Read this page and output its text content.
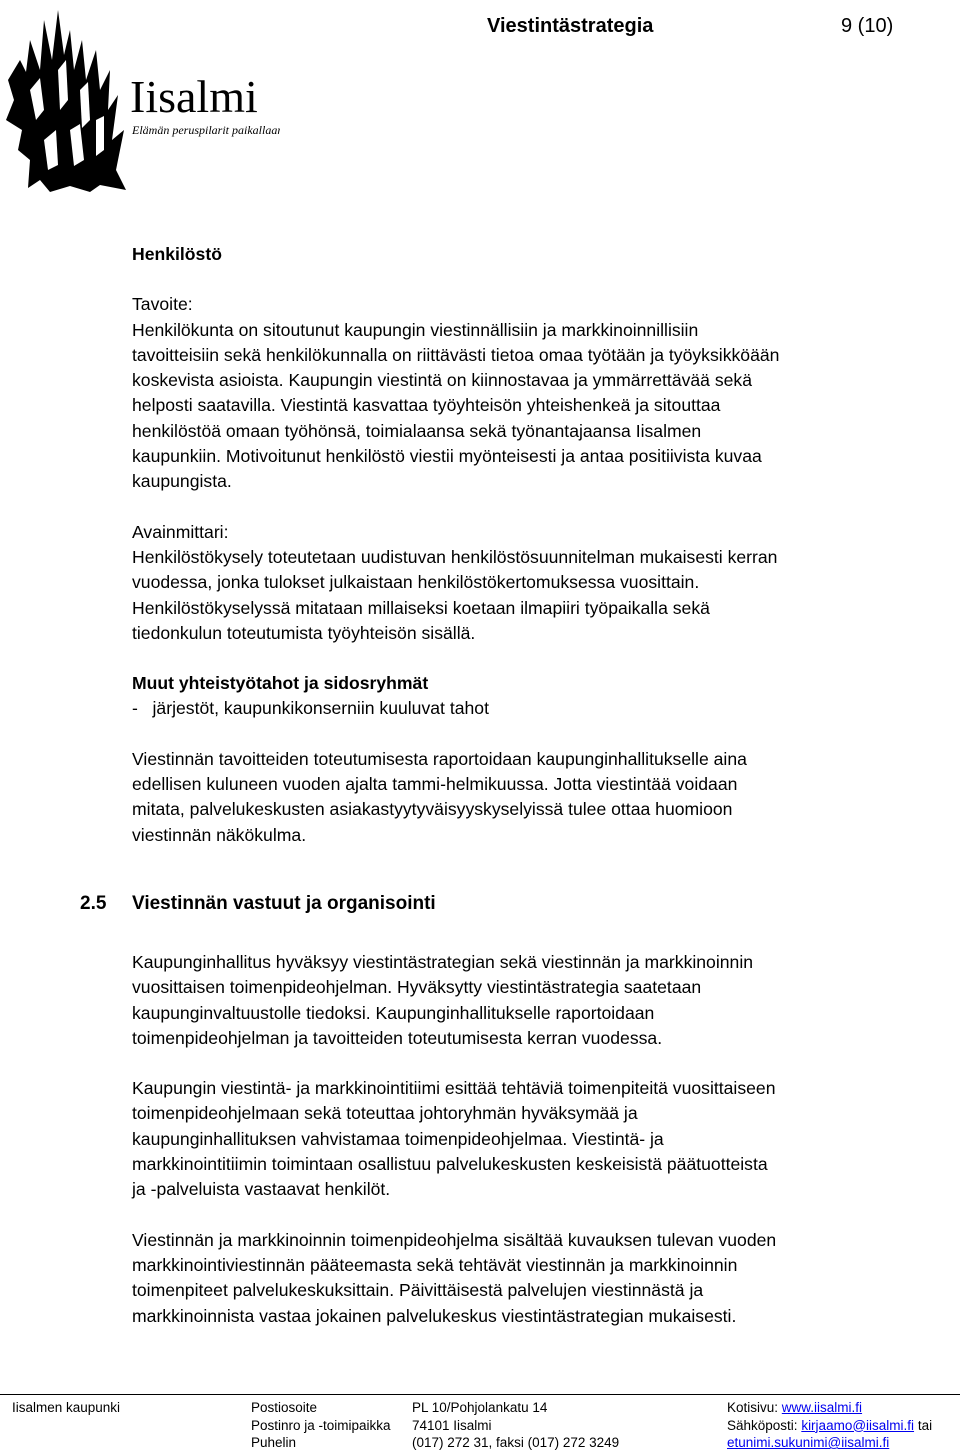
Iisalmi
Elämän peruspilarit paikallaan
Viestintästrategia	9 (10)

Henkilöstö

Tavoite:

Henkilökunta on sitoutunut kaupungin viestinnällisiin ja markkinoinnillisiin

tavoitteisiin sekä henkilökunnalla on riittävästi tietoa omaa työtään ja työyksikköään

koskevista asioista. Kaupungin viestintä on kiinnostavaa ja ymmärrettävää sekä

helposti saatavilla. Viestintä kasvattaa työyhteisön yhteishenkeä ja sitouttaa

henkilöstöä omaan työhönsä, toimialaansa sekä työnantajaansa Iisalmen

kaupunkiin. Motivoitunut henkilöstö viestii myönteisesti ja antaa positiivista kuvaa

kaupungista.

Avainmittari:

Henkilöstökysely toteutetaan uudistuvan henkilöstösuunnitelman mukaisesti kerran

vuodessa, jonka tulokset julkaistaan henkilöstökertomuksessa vuosittain.

Henkilöstökyselyssä mitataan millaiseksi koetaan ilmapiiri työpaikalla sekä

tiedonkulun toteutumista työyhteisön sisällä.

Muut yhteistyötahot ja sidosryhmät

-   järjestöt, kaupunkikonserniin kuuluvat tahot

Viestinnän tavoitteiden toteutumisesta raportoidaan kaupunginhallitukselle aina

edellisen kuluneen vuoden ajalta tammi-helmikuussa. Jotta viestintää voidaan

mitata, palvelukeskusten asiakastyytyväisyyskyselyissä tulee ottaa huomioon

viestinnän näkökulma.

2.5 Viestinnän vastuut ja organisointi

Kaupunginhallitus hyväksyy viestintästrategian sekä viestinnän ja markkinoinnin

vuosittaisen toimenpideohjelman. Hyväksytty viestintästrategia saatetaan

kaupunginvaltuustolle tiedoksi. Kaupunginhallitukselle raportoidaan

toimenpideohjelman ja tavoitteiden toteutumisesta kerran vuodessa.

Kaupungin viestintä- ja markkinointitiimi esittää tehtäviä toimenpiteitä vuosittaiseen

toimenpideohjelmaan sekä toteuttaa johtoryhmän hyväksymää ja

kaupunginhallituksen vahvistamaa toimenpideohjelmaa. Viestintä- ja

markkinointitiimin toimintaan osallistuu palvelukeskusten keskeisistä päätuotteista

ja -palveluista vastaavat henkilöt.

Viestinnän ja markkinoinnin toimenpideohjelma sisältää kuvauksen tulevan vuoden

markkinointiviestinnän pääteemasta sekä tehtävät viestinnän ja markkinoinnin

toimenpiteet palvelukeskuksittain. Päivittäisestä palvelujen viestinnästä ja

markkinoinnista vastaa jokainen palvelukeskus viestintästrategian mukaisesti.

Iisalmen kaupunki	Postiosoite
Postinro ja -toimipaikka
Puhelin
PL 10/Pohjolankatu 14
74101 Iisalmi
(017) 272 31, faksi (017) 272 3249
Kotisivu: www.iisalmi.fi
Sähköposti: kirjaamo@iisalmi.fi tai
etunimi.sukunimi@iisalmi.fi
